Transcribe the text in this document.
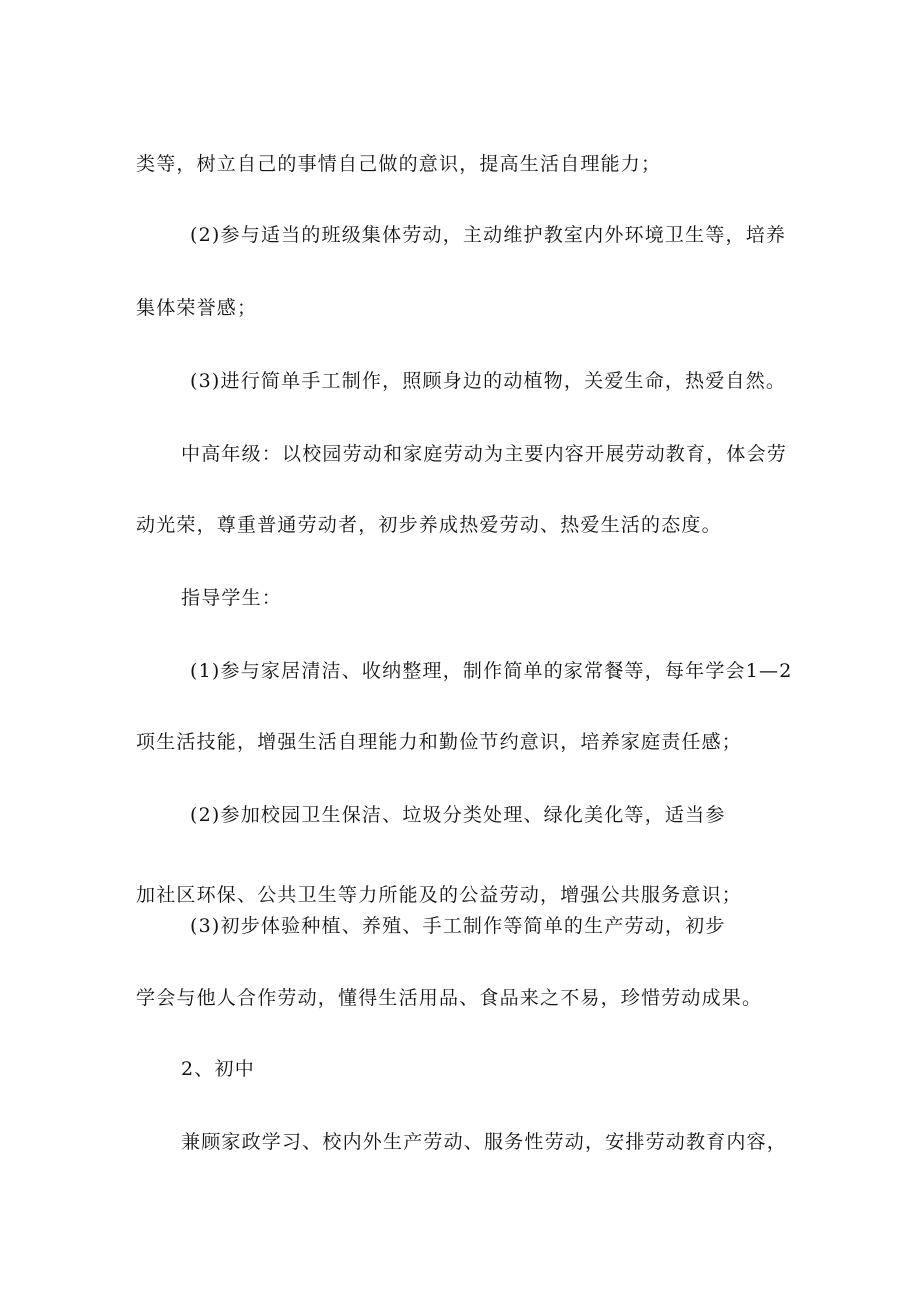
类等，树立自己的事情自己做的意识，提高生活自理能力；
(2)参与适当的班级集体劳动，主动维护教室内外环境卫生等，培养
集体荣誉感；
(3)进行简单手工制作，照顾身边的动植物，关爱生命，热爱自然。
中高年级：以校园劳动和家庭劳动为主要内容开展劳动教育，体会劳
动光荣，尊重普通劳动者，初步养成热爱劳动、热爱生活的态度。
指导学生：
(1)参与家居清洁、收纳整理，制作简单的家常餐等，每年学会1—2
项生活技能，增强生活自理能力和勤俭节约意识，培养家庭责任感；
(2)参加校园卫生保洁、垃圾分类处理、绿化美化等，适当参
加社区环保、公共卫生等力所能及的公益劳动，增强公共服务意识；
(3)初步体验种植、养殖、手工制作等简单的生产劳动，初步
学会与他人合作劳动，懂得生活用品、食品来之不易，珍惜劳动成果。
2、初中
兼顾家政学习、校内外生产劳动、服务性劳动，安排劳动教育内容，
